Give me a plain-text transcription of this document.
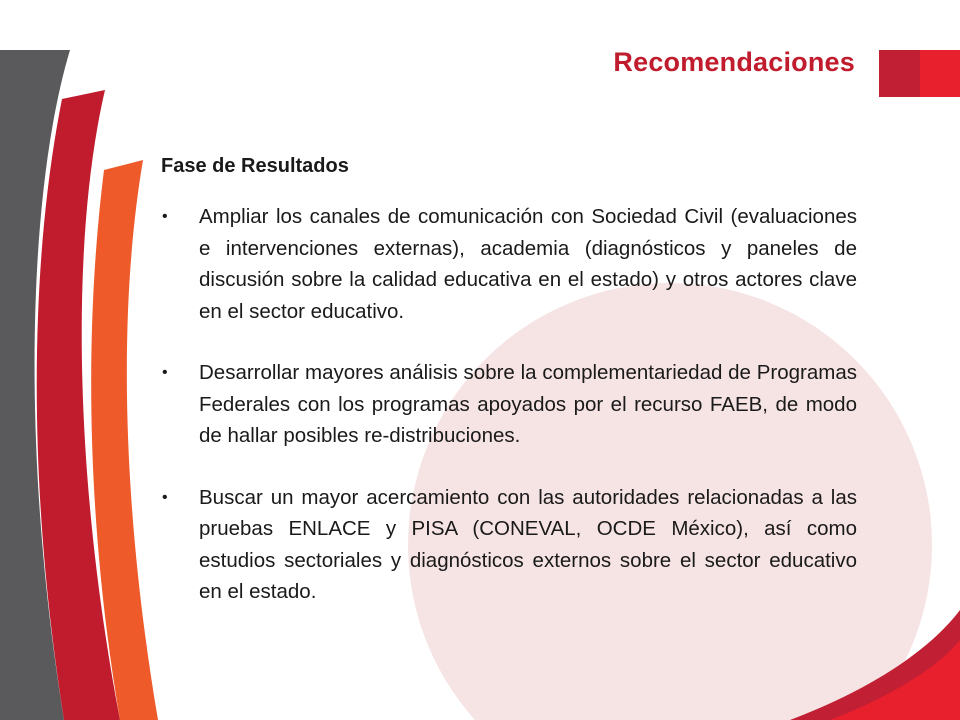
Recomendaciones
Fase de Resultados
• Ampliar los canales de comunicación con Sociedad Civil (evaluaciones e intervenciones externas), academia (diagnósticos y paneles de discusión sobre la calidad educativa en el estado) y otros actores clave en el sector educativo.
• Desarrollar mayores análisis sobre la complementariedad de Programas Federales con los programas apoyados por el recurso FAEB, de modo de hallar posibles re-distribuciones.
• Buscar un mayor acercamiento con las autoridades relacionadas a las pruebas ENLACE y PISA (CONEVAL, OCDE México), así como estudios sectoriales y diagnósticos externos sobre el sector educativo en el estado.
